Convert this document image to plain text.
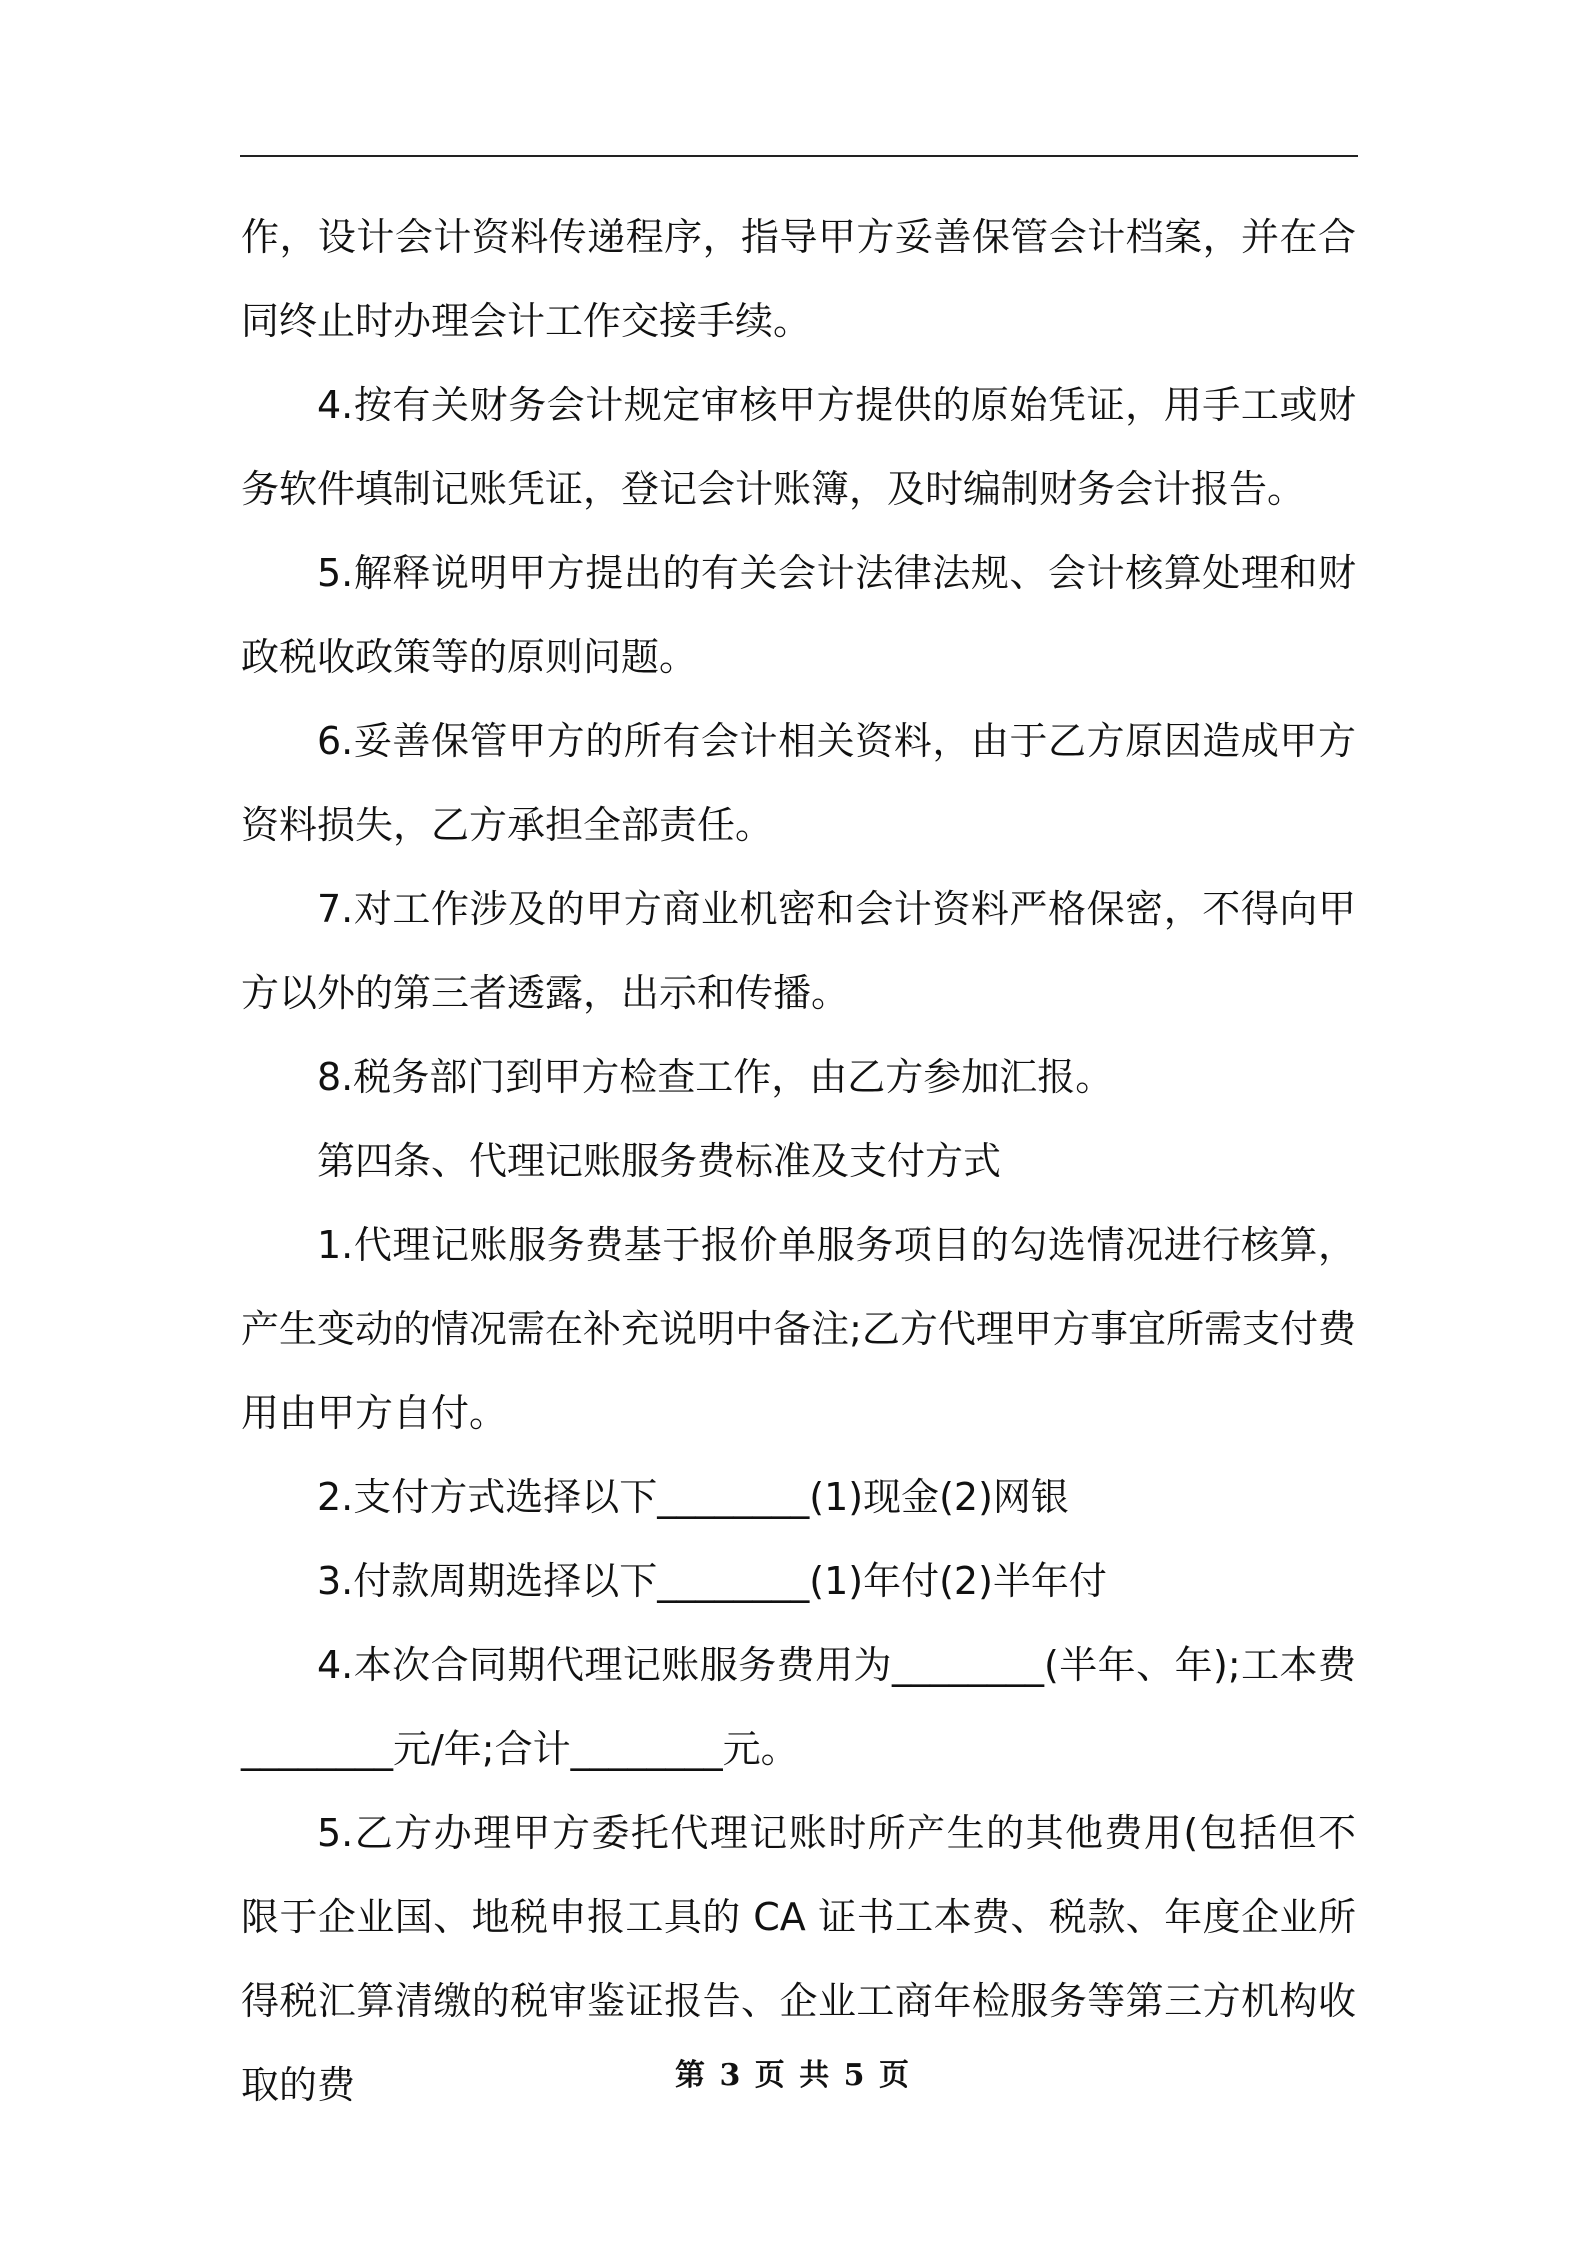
作，设计会计资料传递程序，指导甲方妥善保管会计档案，并在合同终止时办理会计工作交接手续。

4.按有关财务会计规定审核甲方提供的原始凭证，用手工或财务软件填制记账凭证，登记会计账簿，及时编制财务会计报告。

5.解释说明甲方提出的有关会计法律法规、会计核算处理和财政税收政策等的原则问题。

6.妥善保管甲方的所有会计相关资料，由于乙方原因造成甲方资料损失，乙方承担全部责任。

7.对工作涉及的甲方商业机密和会计资料严格保密，不得向甲方以外的第三者透露，出示和传播。

8.税务部门到甲方检查工作，由乙方参加汇报。

第四条、代理记账服务费标准及支付方式

1.代理记账服务费基于报价单服务项目的勾选情况进行核算，产生变动的情况需在补充说明中备注;乙方代理甲方事宜所需支付费用由甲方自付。

2.支付方式选择以下________(1)现金(2)网银

3.付款周期选择以下________(1)年付(2)半年付

4.本次合同期代理记账服务费用为________(半年、年);工本费________元/年;合计________元。

5.乙方办理甲方委托代理记账时所产生的其他费用(包括但不限于企业国、地税申报工具的 CA 证书工本费、税款、年度企业所得税汇算清缴的税审鉴证报告、企业工商年检服务等第三方机构收取的费	第 3 页 共 5 页
